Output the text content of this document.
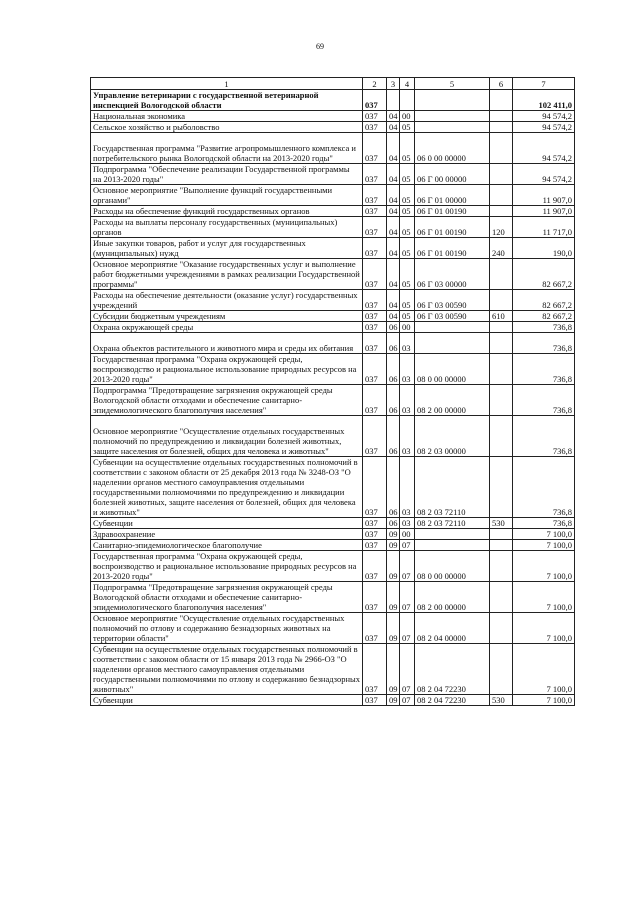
69
1	2	3	4	5	6	7
Управление ветеринарии с государственной ветеринарной инспекцией Вологодской области	037					102 411,0
Национальная экономика	037	04	00			94 574,2
Сельское хозяйство и рыболовство	037	04	05			94 574,2
Государственная программа "Развитие агропромышленного комплекса и потребительского рынка Вологодской области на 2013-2020 годы"	037	04	05	06 0 00 00000		94 574,2
Подпрограмма "Обеспечение реализации Государственной программы на 2013-2020 годы"	037	04	05	06 Г 00 00000		94 574,2
Основное мероприятие "Выполнение функций государственными органами"	037	04	05	06 Г 01 00000		11 907,0
Расходы на обеспечение функций государственных органов	037	04	05	06 Г 01 00190		11 907,0
Расходы на выплаты персоналу государственных (муниципальных) органов	037	04	05	06 Г 01 00190	120	11 717,0
Иные закупки товаров, работ и услуг для государственных (муниципальных) нужд	037	04	05	06 Г 01 00190	240	190,0
Основное мероприятие "Оказание государственных услуг и выполнение работ бюджетными учреждениями в рамках реализации Государственной программы"	037	04	05	06 Г 03 00000		82 667,2
Расходы на обеспечение деятельности (оказание услуг) государственных учреждений	037	04	05	06 Г 03 00590		82 667,2
Субсидии бюджетным учреждениям	037	04	05	06 Г 03 00590	610	82 667,2
Охрана окружающей среды	037	06	00			736,8
Охрана объектов растительного и животного мира и среды их обитания	037	06	03			736,8
Государственная программа "Охрана окружающей среды, воспроизводство и рациональное использование природных ресурсов на 2013-2020 годы"	037	06	03	08 0 00 00000		736,8
Подпрограмма "Предотвращение загрязнения окружающей среды Вологодской области отходами и обеспечение санитарно-эпидемиологического благополучия населения"	037	06	03	08 2 00 00000		736,8
Основное мероприятие "Осуществление отдельных государственных полномочий по предупреждению и ликвидации болезней животных, защите населения от болезней, общих для человека и животных"	037	06	03	08 2 03 00000		736,8
Субвенции на осуществление отдельных государственных полномочий в соответствии с законом области от 25 декабря 2013 года № 3248-ОЗ "О наделении органов местного самоуправления отдельными государственными полномочиями по предупреждению и ликвидации болезней животных, защите населения от болезней, общих для человека и животных"	037	06	03	08 2 03 72110		736,8
Субвенции	037	06	03	08 2 03 72110	530	736,8
Здравоохранение	037	09	00			7 100,0
Санитарно-эпидемиологическое благополучие	037	09	07			7 100,0
Государственная программа "Охрана окружающей среды, воспроизводство и рациональное использование природных ресурсов на 2013-2020 годы"	037	09	07	08 0 00 00000		7 100,0
Подпрограмма "Предотвращение загрязнения окружающей среды Вологодской области отходами и обеспечение санитарно-эпидемиологического благополучия населения"	037	09	07	08 2 00 00000		7 100,0
Основное мероприятие "Осуществление отдельных государственных полномочий по отлову и содержанию безнадзорных животных на территории области"	037	09	07	08 2 04 00000		7 100,0
Субвенции на осуществление отдельных государственных полномочий в соответствии с законом области от 15 января 2013 года № 2966-ОЗ "О наделении органов местного самоуправления отдельными государственными полномочиями по отлову и содержанию безнадзорных животных"	037	09	07	08 2 04 72230		7 100,0
Субвенции	037	09	07	08 2 04 72230	530	7 100,0
